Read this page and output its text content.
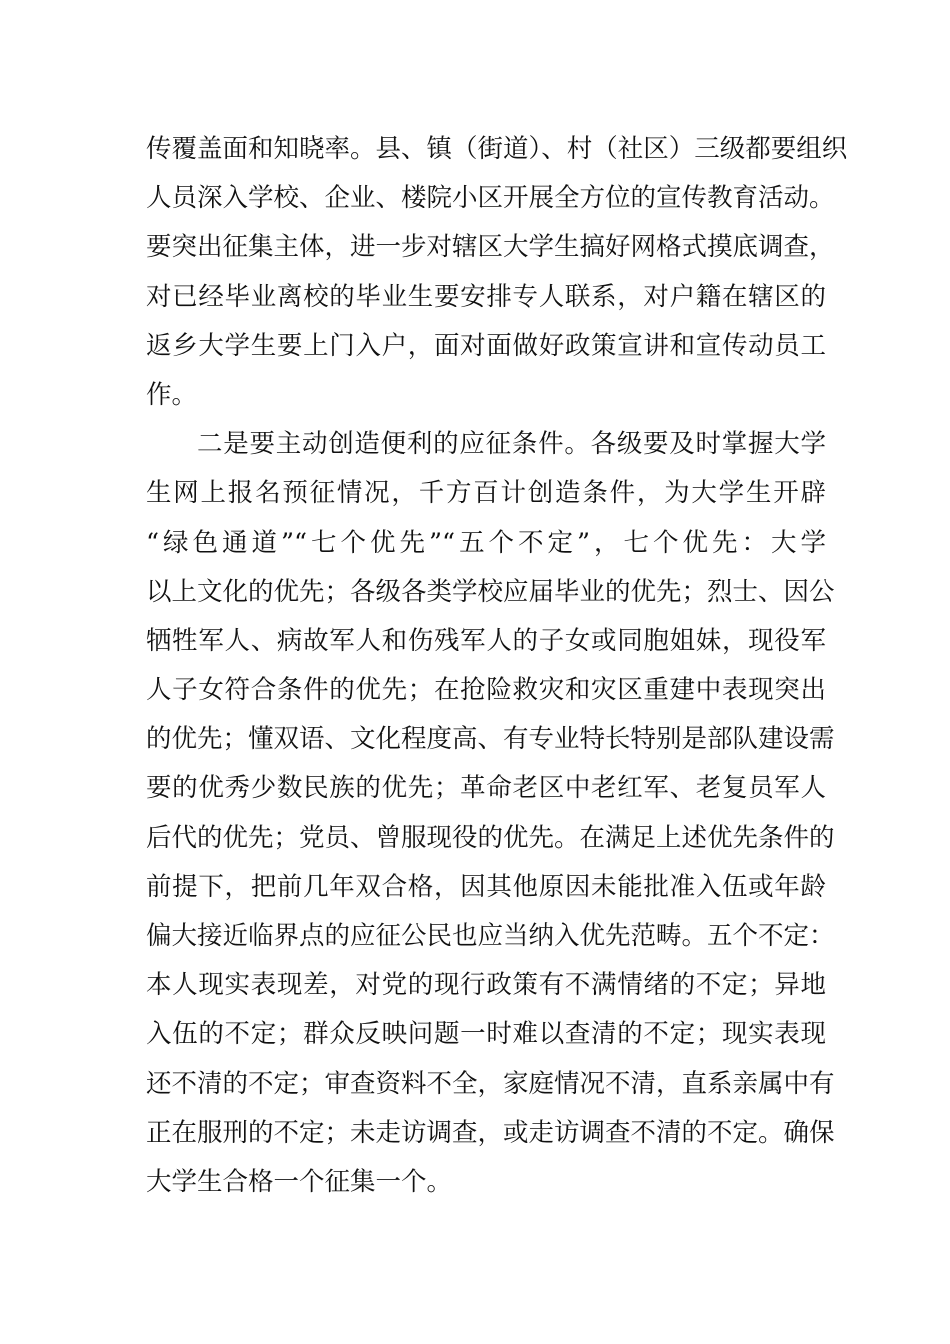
传覆盖面和知晓率。县、镇（街道）、村（社区）三级都要组织
人员深入学校、企业、楼院小区开展全方位的宣传教育活动。
要突出征集主体，进一步对辖区大学生搞好网格式摸底调查，
对已经毕业离校的毕业生要安排专人联系，对户籍在辖区的
返乡大学生要上门入户，面对面做好政策宣讲和宣传动员工
作。
二是要主动创造便利的应征条件。各级要及时掌握大学
生网上报名预征情况，千方百计创造条件，为大学生开辟
“绿色通道”“七个优先”“五个不定”，七个优先：大学
以上文化的优先；各级各类学校应届毕业的优先；烈士、因公
牺牲军人、病故军人和伤残军人的子女或同胞姐妹，现役军
人子女符合条件的优先；在抢险救灾和灾区重建中表现突出
的优先；懂双语、文化程度高、有专业特长特别是部队建设需
要的优秀少数民族的优先；革命老区中老红军、老复员军人
后代的优先；党员、曾服现役的优先。在满足上述优先条件的
前提下，把前几年双合格，因其他原因未能批准入伍或年龄
偏大接近临界点的应征公民也应当纳入优先范畴。五个不定：
本人现实表现差，对党的现行政策有不满情绪的不定；异地
入伍的不定；群众反映问题一时难以查清的不定；现实表现
还不清的不定；审查资料不全，家庭情况不清，直系亲属中有
正在服刑的不定；未走访调查，或走访调查不清的不定。确保
大学生合格一个征集一个。
